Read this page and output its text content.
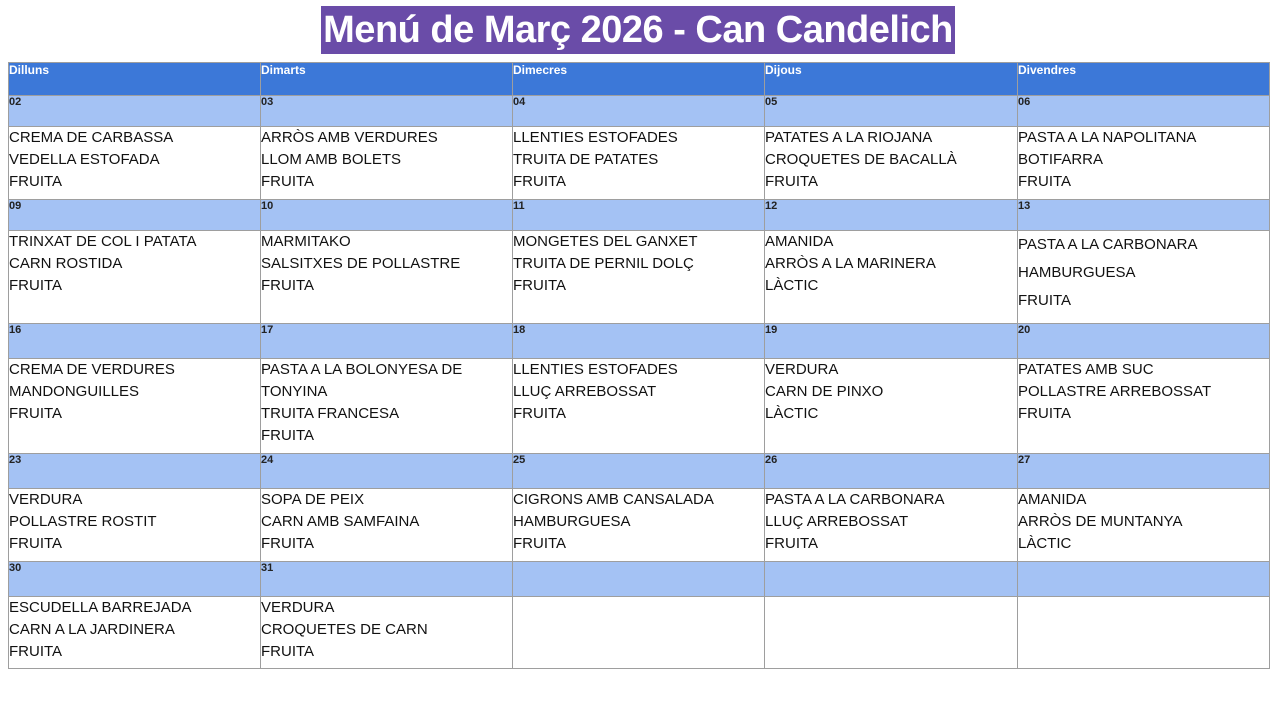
Menú de Març 2026 - Can Candelich
Dilluns	Dimarts	Dimecres	Dijous	Divendres
02	03	04	05	06

CREMA DE CARBASSA
VEDELLA ESTOFADA
FRUITA	ARRÒS AMB VERDURES
LLOM AMB BOLETS
FRUITA	LLENTIES ESTOFADES
TRUITA DE PATATES
FRUITA	PATATES A LA RIOJANA
CROQUETES DE BACALLÀ
FRUITA	PASTA A LA NAPOLITANA
BOTIFARRA
FRUITA

09	10	11	12	13

TRINXAT DE COL I PATATA
CARN ROSTIDA
FRUITA	MARMITAKO
SALSITXES DE POLLASTRE
FRUITA	MONGETES DEL GANXET
TRUITA DE PERNIL DOLÇ
FRUITA	AMANIDA
ARRÒS A LA MARINERA
LÀCTIC	PASTA A LA CARBONARA
HAMBURGUESA
FRUITA

16	17	18	19	20

CREMA DE VERDURES
MANDONGUILLES
FRUITA	PASTA A LA BOLONYESA DE TONYINA
TRUITA FRANCESA
FRUITA	LLENTIES ESTOFADES
LLUÇ ARREBOSSAT
FRUITA	VERDURA
CARN DE PINXO
LÀCTIC	PATATES AMB SUC
POLLASTRE ARREBOSSAT
FRUITA

23	24	25	26	27

VERDURA
POLLASTRE ROSTIT
FRUITA	SOPA DE PEIX
CARN AMB SAMFAINA
FRUITA	CIGRONS AMB CANSALADA
HAMBURGUESA
FRUITA	PASTA A LA CARBONARA
LLUÇ ARREBOSSAT
FRUITA	AMANIDA
ARRÒS DE MUNTANYA
LÀCTIC

30	31			

ESCUDELLA BARREJADA
CARN A LA JARDINERA
FRUITA	VERDURA
CROQUETES DE CARN
FRUITA			
